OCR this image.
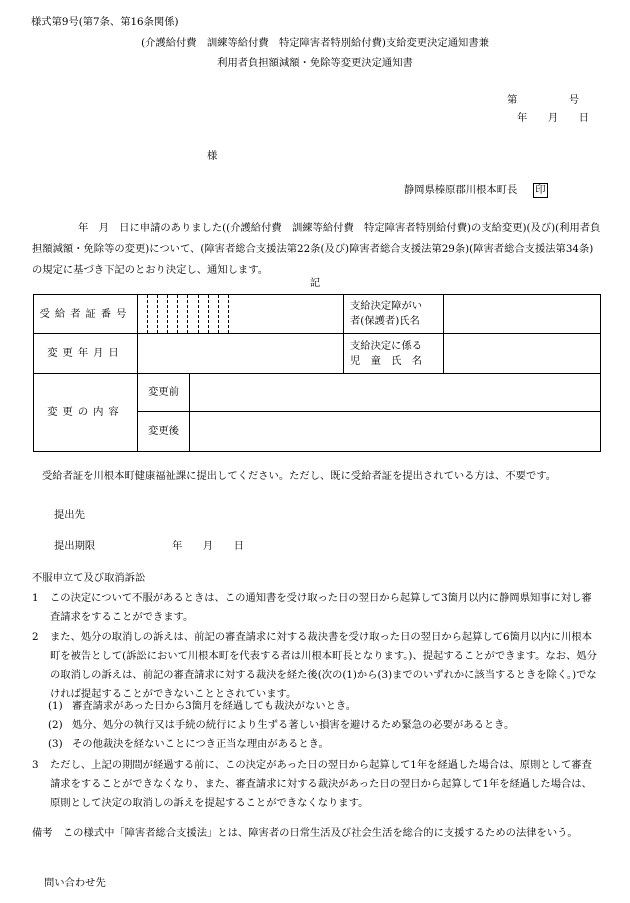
様式第9号(第7条、第16条関係)
(介護給付費　訓練等給付費　特定障害者特別給付費)支給変更決定通知書兼
利用者負担額減額・免除等変更決定通知書
第　　　　　号
年　　月　　日
様
静岡県榛原郡川根本町長 印
年　月　日に申請のありました((介護給付費　訓練等給付費　特定障害者特別給付費)の支給変更)(及び)(利用者負担額減額・免除等の変更)について、(障害者総合支援法第22条(及び)障害者総合支援法第29条)(障害者総合支援法第34条)の規定に基づき下記のとおり決定し、通知します。
記
受給者証番号			支給決定障がい
者(保護者)氏名	

変更年月日			支給決定に係る
児　童　氏　名	

変更の内容	変更前			
	変更後			
受給者証を川根本町健康福祉課に提出してください。ただし、既に受給者証を提出されている方は、不要です。
提出先
提出期限	年　　月　　日
不服申立て及び取消訴訟
1 この決定について不服があるときは、この通知書を受け取った日の翌日から起算して3箇月以内に静岡県知事に対し審査請求をすることができます。
2 また、処分の取消しの訴えは、前記の審査請求に対する裁決書を受け取った日の翌日から起算して6箇月以内に川根本町を被告として(訴訟において川根本町を代表する者は川根本町長となります。)、提起することができます。なお、処分の取消しの訴えは、前記の審査請求に対する裁決を経た後(次の(1)から(3)までのいずれかに該当するときを除く。)でなければ提起することができないこととされています。
(1) 審査請求があった日から3箇月を経過しても裁決がないとき。
(2) 処分、処分の執行又は手続の続行により生ずる著しい損害を避けるため緊急の必要があるとき。
(3) その他裁決を経ないことにつき正当な理由があるとき。
3 ただし、上記の期間が経過する前に、この決定があった日の翌日から起算して1年を経過した場合は、原則として審査請求をすることができなくなり、また、審査請求に対する裁決があった日の翌日から起算して1年を経過した場合は、原則として決定の取消しの訴えを提起することができなくなります。
備考　 この様式中「障害者総合支援法」とは、障害者の日常生活及び社会生活を総合的に支援するための法律をいう。
問い合わせ先
